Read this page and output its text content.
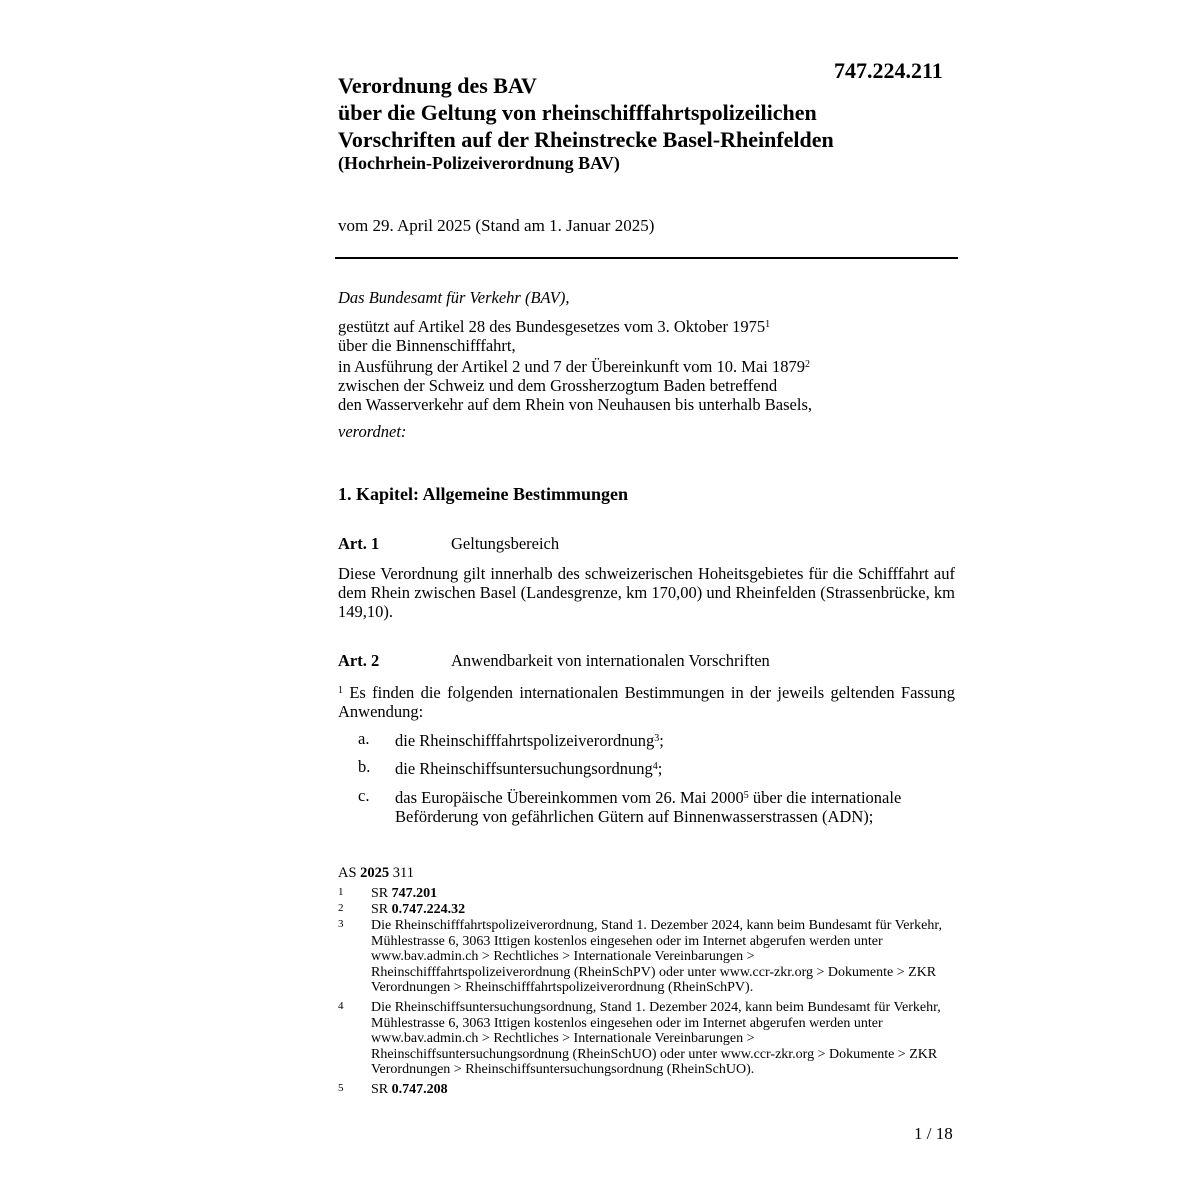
747.224.211
Verordnung des BAV
über die Geltung von rheinschifffahrtspolizeilichen
Vorschriften auf der Rheinstrecke Basel-Rheinfelden
(Hochrhein-Polizeiverordnung BAV)
vom 29. April 2025 (Stand am 1. Januar 2025)
Das Bundesamt für Verkehr (BAV),
gestützt auf Artikel 28 des Bundesgesetzes vom 3. Oktober 1975$^1$
über die Binnenschifffahrt,
in Ausführung der Artikel 2 und 7 der Übereinkunft vom 10. Mai 1879$^2$
zwischen der Schweiz und dem Grossherzogtum Baden betreffend
den Wasserverkehr auf dem Rhein von Neuhausen bis unterhalb Basels,
verordnet:
1. Kapitel: Allgemeine Bestimmungen
Art. 1	Geltungsbereich
Diese Verordnung gilt innerhalb des schweizerischen Hoheitsgebietes für die Schifffahrt auf dem Rhein zwischen Basel (Landesgrenze, km 170,00) und Rheinfelden (Strassenbrücke, km 149,10).
Art. 2	Anwendbarkeit von internationalen Vorschriften
$^1$ Es finden die folgenden internationalen Bestimmungen in der jeweils geltenden Fassung Anwendung:
a. die Rheinschifffahrtspolizeiverordnung$^3$;
b. die Rheinschiffsuntersuchungsordnung$^4$;
c. das Europäische Übereinkommen vom 26. Mai 2000$^5$ über die internationale Beförderung von gefährlichen Gütern auf Binnenwasserstrassen (ADN);
AS 2025 311
1 SR 747.201
2 SR 0.747.224.32
3 Die Rheinschifffahrtspolizeiverordnung, Stand 1. Dezember 2024, kann beim Bundesamt für Verkehr, Mühlestrasse 6, 3063 Ittigen kostenlos eingesehen oder im Internet abgerufen werden unter www.bav.admin.ch > Rechtliches > Internationale Vereinbarungen > Rheinschifffahrtspolizeiverordnung (RheinSchPV) oder unter www.ccr-zkr.org > Dokumente > ZKR Verordnungen > Rheinschifffahrtspolizeiverordnung (RheinSchPV).
4 Die Rheinschiffsuntersuchungsordnung, Stand 1. Dezember 2024, kann beim Bundesamt für Verkehr, Mühlestrasse 6, 3063 Ittigen kostenlos eingesehen oder im Internet abgerufen werden unter www.bav.admin.ch > Rechtliches > Internationale Vereinbarungen > Rheinschiffsuntersuchungsordnung (RheinSchUO) oder unter www.ccr-zkr.org > Dokumente > ZKR Verordnungen > Rheinschiffsuntersuchungsordnung (RheinSchUO).
5 SR 0.747.208
1 / 18
